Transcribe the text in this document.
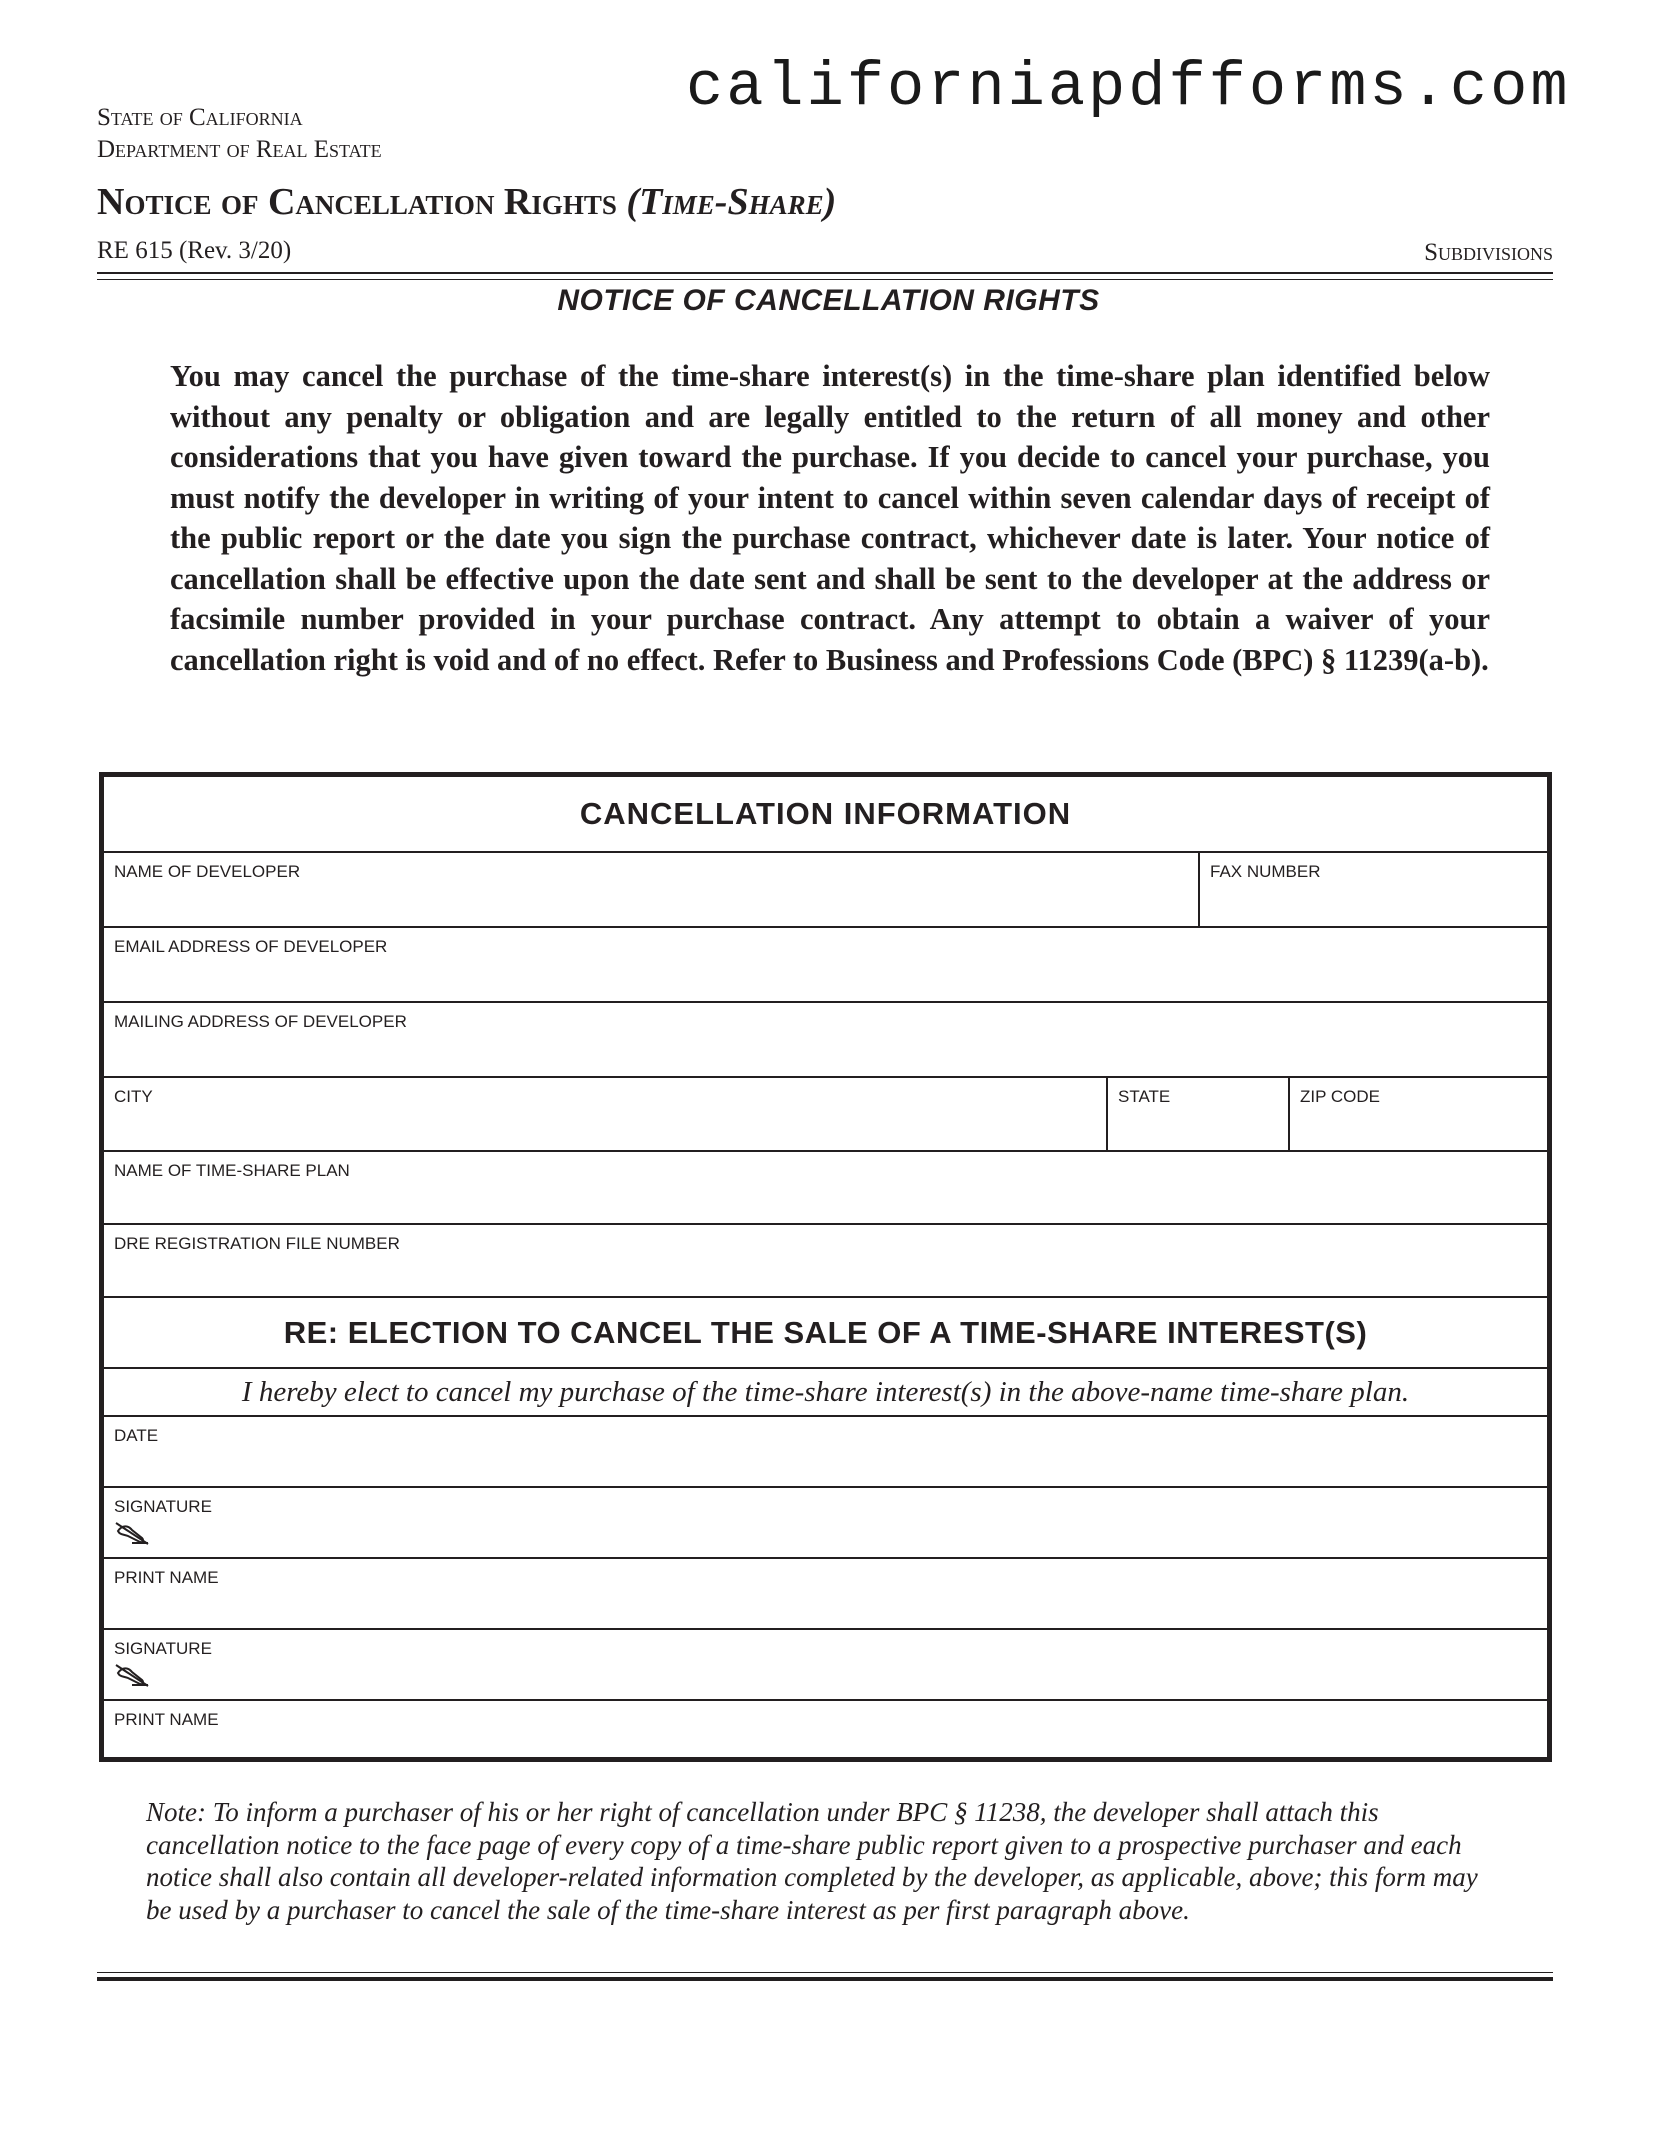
californiapdfforms.com
State of California
Department of Real Estate
Notice of Cancellation Rights (Time-Share)
RE 615 (Rev. 3/20)	Subdivisions
NOTICE OF CANCELLATION RIGHTS

You may cancel the purchase of the time-share interest(s) in the time-share plan identified below without any penalty or obligation and are legally entitled to the return of all money and other considerations that you have given toward the purchase. If you decide to cancel your purchase, you must notify the developer in writing of your intent to cancel within seven calendar days of receipt of the public report or the date you sign the purchase contract, whichever date is later. Your notice of cancellation shall be effective upon the date sent and shall be sent to the developer at the address or facsimile number provided in your purchase contract. Any attempt to obtain a waiver of your cancellation right is void and of no effect. Refer to Business and Professions Code (BPC) § 11239(a-b).

CANCELLATION INFORMATION
NAME OF DEVELOPER	FAX NUMBER
EMAIL ADDRESS OF DEVELOPER
MAILING ADDRESS OF DEVELOPER
CITY	STATE	ZIP CODE
NAME OF TIME-SHARE PLAN
DRE REGISTRATION FILE NUMBER
RE: ELECTION TO CANCEL THE SALE OF A TIME-SHARE INTEREST(S)
I hereby elect to cancel my purchase of the time-share interest(s) in the above-name time-share plan.
DATE
SIGNATURE
PRINT NAME
SIGNATURE
PRINT NAME

Note: To inform a purchaser of his or her right of cancellation under BPC § 11238, the developer shall attach this cancellation notice to the face page of every copy of a time-share public report given to a prospective purchaser and each notice shall also contain all developer-related information completed by the developer, as applicable, above; this form may be used by a purchaser to cancel the sale of the time-share interest as per first paragraph above.
